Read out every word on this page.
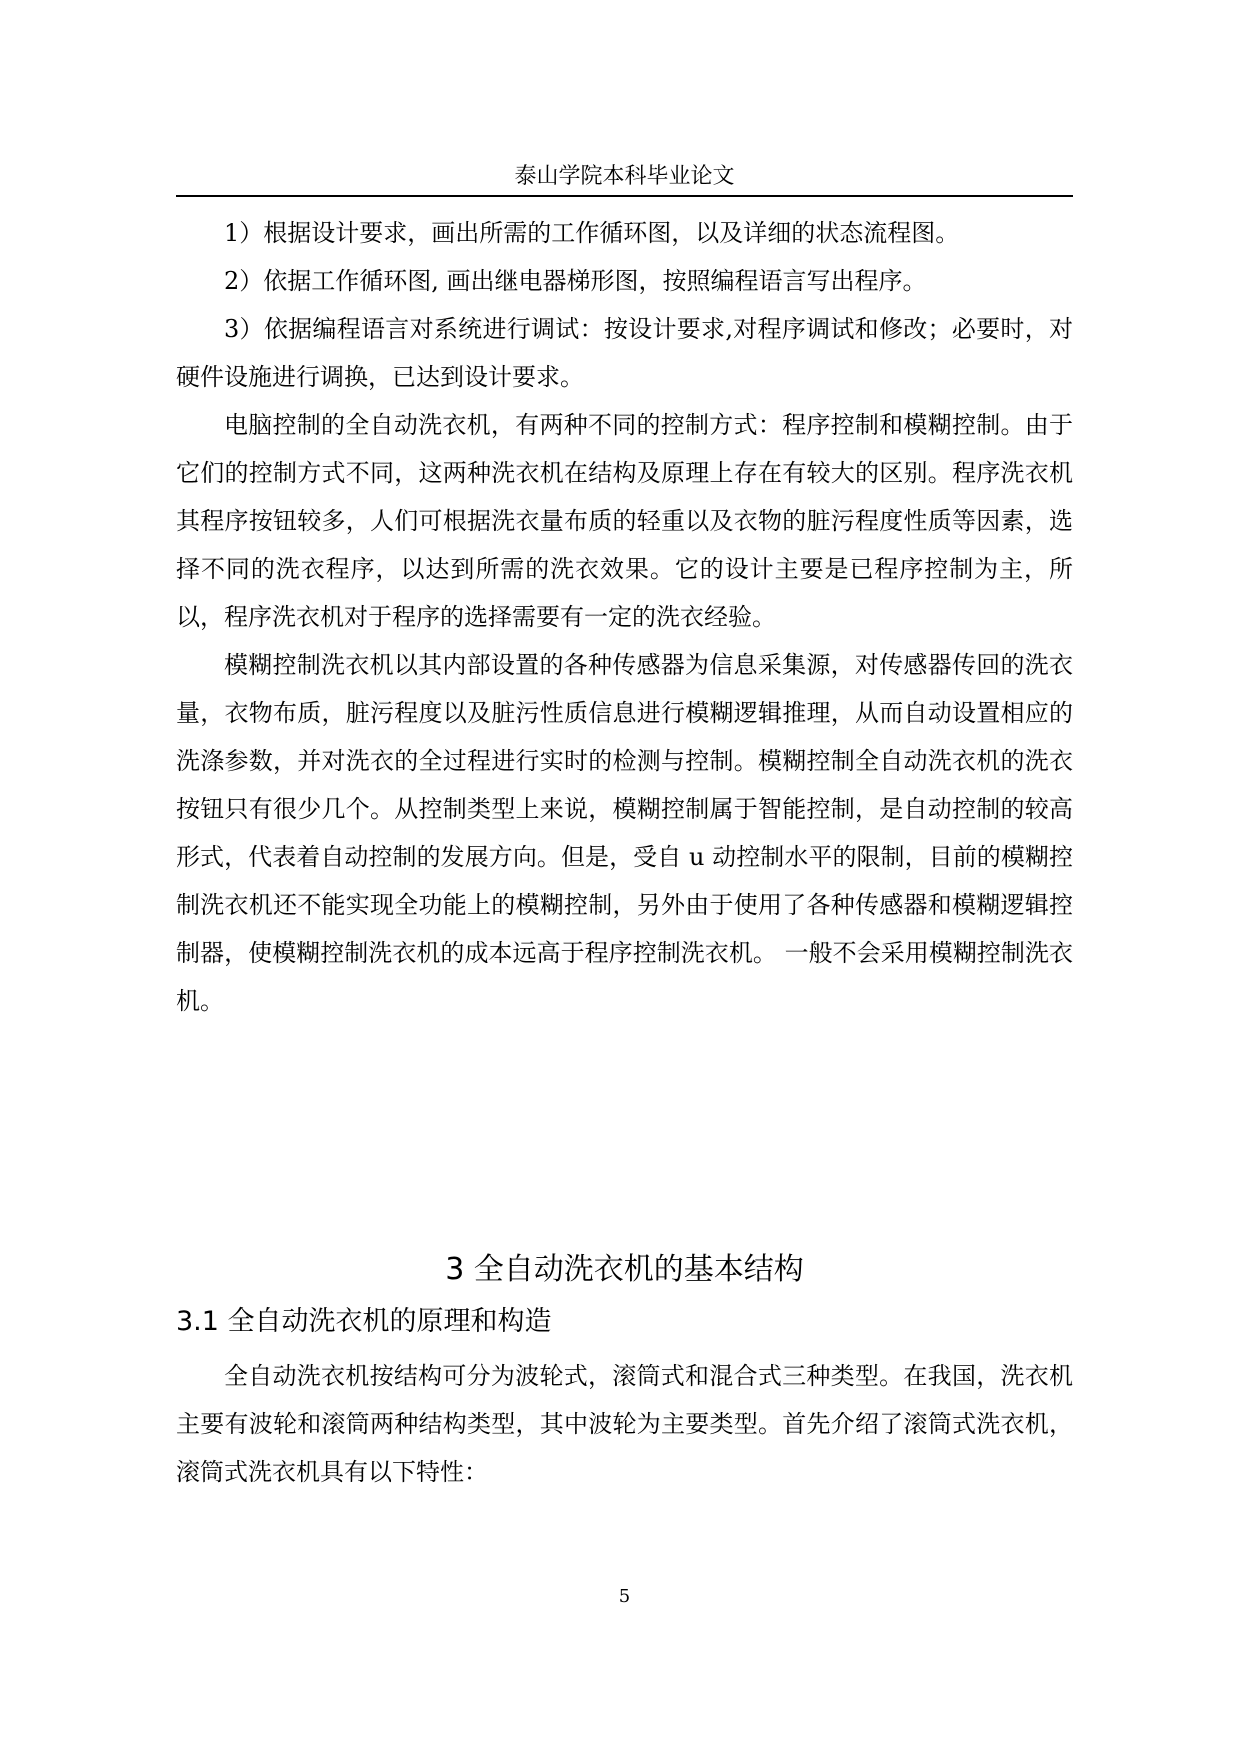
泰山学院本科毕业论文

1）根据设计要求，画出所需的工作循环图，以及详细的状态流程图。

2）依据工作循环图, 画出继电器梯形图，按照编程语言写出程序。

3）依据编程语言对系统进行调试：按设计要求,对程序调试和修改；必要时，对硬件设施进行调换，已达到设计要求。

电脑控制的全自动洗衣机，有两种不同的控制方式：程序控制和模糊控制。由于它们的控制方式不同，这两种洗衣机在结构及原理上存在有较大的区别。程序洗衣机其程序按钮较多，人们可根据洗衣量布质的轻重以及衣物的脏污程度性质等因素，选择不同的洗衣程序，以达到所需的洗衣效果。它的设计主要是已程序控制为主，所以，程序洗衣机对于程序的选择需要有一定的洗衣经验。

模糊控制洗衣机以其内部设置的各种传感器为信息采集源，对传感器传回的洗衣量，衣物布质，脏污程度以及脏污性质信息进行模糊逻辑推理，从而自动设置相应的洗涤参数，并对洗衣的全过程进行实时的检测与控制。模糊控制全自动洗衣机的洗衣按钮只有很少几个。从控制类型上来说，模糊控制属于智能控制，是自动控制的较高形式，代表着自动控制的发展方向。但是，受自 u 动控制水平的限制，目前的模糊控制洗衣机还不能实现全功能上的模糊控制，另外由于使用了各种传感器和模糊逻辑控制器，使模糊控制洗衣机的成本远高于程序控制洗衣机。 一般不会采用模糊控制洗衣机。

3 全自动洗衣机的基本结构
3.1 全自动洗衣机的原理和构造

全自动洗衣机按结构可分为波轮式，滚筒式和混合式三种类型。在我国，洗衣机主要有波轮和滚筒两种结构类型，其中波轮为主要类型。首先介绍了滚筒式洗衣机，滚筒式洗衣机具有以下特性：

5
